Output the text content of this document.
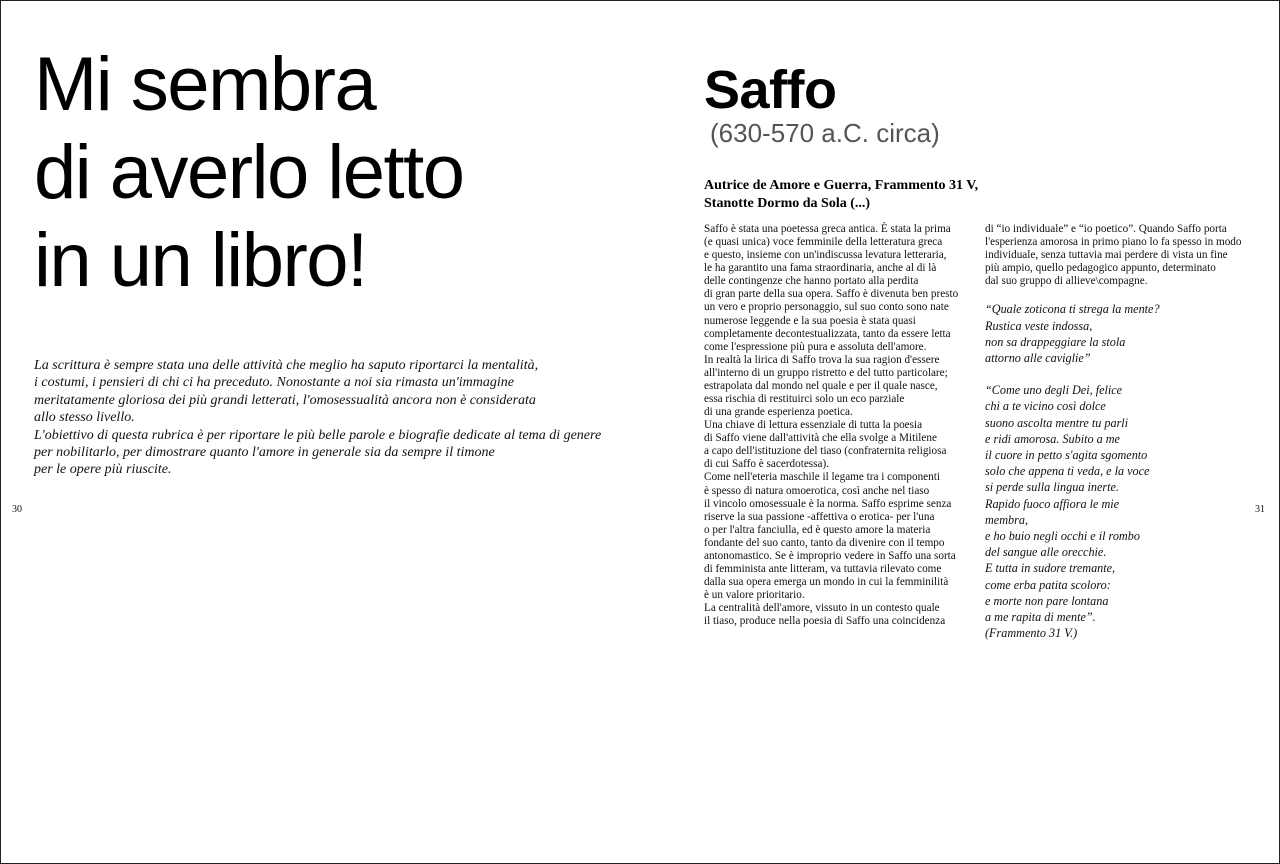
Mi sembra
di averlo letto
in un libro!

La scrittura è sempre stata una delle attività che meglio ha saputo riportarci la mentalità,
i costumi, i pensieri di chi ci ha preceduto. Nonostante a noi sia rimasta un'immagine
meritatamente gloriosa dei più grandi letterati, l'omosessualità ancora non è considerata
allo stesso livello.
L'obiettivo di questa rubrica è per riportare le più belle parole e biografie dedicate al tema di genere
per nobilitarlo, per dimostrare quanto l'amore in generale sia da sempre il timone
per le opere più riuscite.

30	31
Saffo
(630-570 a.C. circa)
Autrice de Amore e Guerra, Frammento 31 V,
Stanotte Dormo da Sola (...)
Saffo è stata una poetessa greca antica. È stata la prima
(e quasi unica) voce femminile della letteratura greca
e questo, insieme con un'indiscussa levatura letteraria,
le ha garantito una fama straordinaria, anche al di là
delle contingenze che hanno portato alla perdita
di gran parte della sua opera. Saffo è divenuta ben presto
un vero e proprio personaggio, sul suo conto sono nate
numerose leggende e la sua poesia è stata quasi
completamente decontestualizzata, tanto da essere letta
come l'espressione più pura e assoluta dell'amore.
In realtà la lirica di Saffo trova la sua ragion d'essere
all'interno di un gruppo ristretto e del tutto particolare;
estrapolata dal mondo nel quale e per il quale nasce,
essa rischia di restituirci solo un eco parziale
di una grande esperienza poetica.
Una chiave di lettura essenziale di tutta la poesia
di Saffo viene dall'attività che ella svolge a Mitilene
a capo dell'istituzione del tiaso (confraternita religiosa
di cui Saffo è sacerdotessa).
Come nell'eteria maschile il legame tra i componenti
è spesso di natura omoerotica, così anche nel tiaso
il vincolo omosessuale è la norma. Saffo esprime senza
riserve la sua passione -affettiva o erotica- per l'una
o per l'altra fanciulla, ed è questo amore la materia
fondante del suo canto, tanto da divenire con il tempo
antonomastico. Se è improprio vedere in Saffo una sorta
di femminista ante litteram, va tuttavia rilevato come
dalla sua opera emerga un mondo in cui la femminilità
è un valore prioritario.
La centralità dell'amore, vissuto in un contesto quale
il tiaso, produce nella poesia di Saffo una coincidenza
di “io individuale” e “io poetico”. Quando Saffo porta
l'esperienza amorosa in primo piano lo fa spesso in modo
individuale, senza tuttavia mai perdere di vista un fine
più ampio, quello pedagogico appunto, determinato
dal suo gruppo di allieve\compagne.
“Quale zoticona ti strega la mente?
Rustica veste indossa,
non sa drappeggiare la stola
attorno alle caviglie”
“Come uno degli Dei, felice
chi a te vicino così dolce
suono ascolta mentre tu parli
e ridi amorosa. Subito a me
il cuore in petto s'agita sgomento
solo che appena ti veda, e la voce
si perde sulla lingua inerte.
Rapido fuoco affiora le mie
membra,
e ho buio negli occhi e il rombo
del sangue alle orecchie.
E tutta in sudore tremante,
come erba patita scoloro:
e morte non pare lontana
a me rapita di mente”.
(Frammento 31 V.)
